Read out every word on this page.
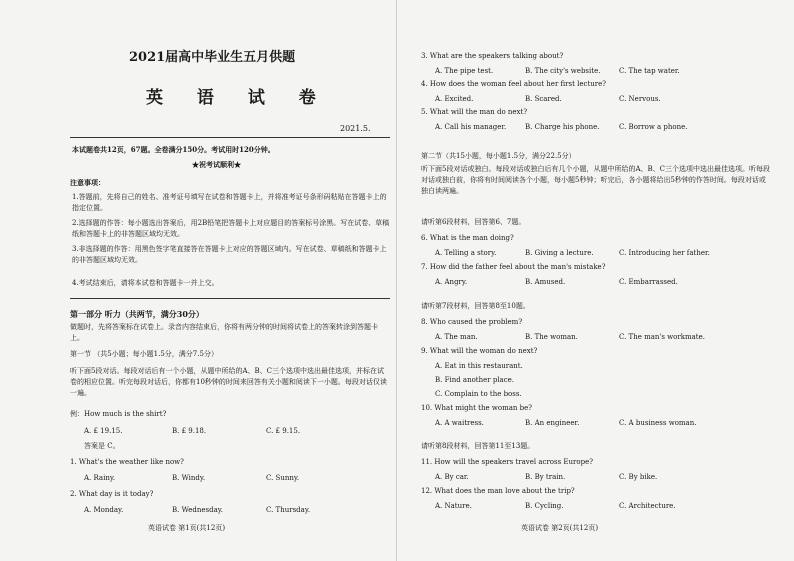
2021届高中毕业生五月供题
英 语 试 卷
2021.5.
本试题卷共12页，67题。全卷满分150分。考试用时120分钟。
★祝考试顺利★
注意事项：
1.答题前，先将自己的姓名、准考证号填写在试卷和答题卡上，并将准考证号条形码粘贴在答题卡上的指定位置。
2.选择题的作答：每小题选出答案后，用2B铅笔把答题卡上对应题目的答案标号涂黑。写在试卷、草稿纸和答题卡上的非答题区域均无效。
3.非选择题的作答：用黑色签字笔直接答在答题卡上对应的答题区域内。写在试卷、草稿纸和答题卡上的非答题区域均无效。
4.考试结束后，请将本试卷和答题卡一并上交。
第一部分 听力（共两节，满分30分）
做题时，先将答案标在试卷上。录音内容结束后，你将有两分钟的时间将试卷上的答案转涂到答题卡上。
第一节 （共5小题；每小题1.5分，满分7.5分）
听下面5段对话。每段对话后有一个小题，从题中所给的A、B、C三个选项中选出最佳选项，并标在试卷的相应位置。听完每段对话后，你都有10秒钟的时间来回答有关小题和阅读下一小题。每段对话仅读一遍。
例：How much is the shirt?
A. £ 19.15.	B. £ 9.18.	C. £ 9.15.
答案是 C。
1. What's the weather like now?
A. Rainy.	B. Windy.	C. Sunny.
2. What day is it today?
A. Monday.	B. Wednesday.	C. Thursday.
英语试卷 第1页(共12页)
3. What are the speakers talking about?
A. The pipe test.	B. The city's website.	C. The tap water.
4. How does the woman feel about her first lecture?
A. Excited.	B. Scared.	C. Nervous.
5. What will the man do next?
A. Call his manager.	B. Charge his phone.	C. Borrow a phone.
第二节（共15小题，每小题1.5分，满分22.5分）
听下面5段对话或独白。每段对话或独白后有几个小题，从题中所给的A、B、C三个选项中选出最佳选项。听每段对话或独白前，你将有时间阅读各个小题，每小题5秒钟；听完后，各小题将给出5秒钟的作答时间。每段对话或独白读两遍。
请听第6段材料，回答第6、7题。
6. What is the man doing?
A. Telling a story.	B. Giving a lecture.	C. Introducing her father.
7. How did the father feel about the man's mistake?
A. Angry.	B. Amused.	C. Embarrassed.
请听第7段材料，回答第8至10题。
8. Who caused the problem?
A. The man.	B. The woman.	C. The man's workmate.
9. What will the woman do next?
A. Eat in this restaurant.
B. Find another place.
C. Complain to the boss.
10. What might the woman be?
A. A waitress.	B. An engineer.	C. A business woman.
请听第8段材料，回答第11至13题。
11. How will the speakers travel across Europe?
A. By car.	B. By train.	C. By bike.
12. What does the man love about the trip?
A. Nature.	B. Cycling.	C. Architecture.
英语试卷 第2页(共12页)
